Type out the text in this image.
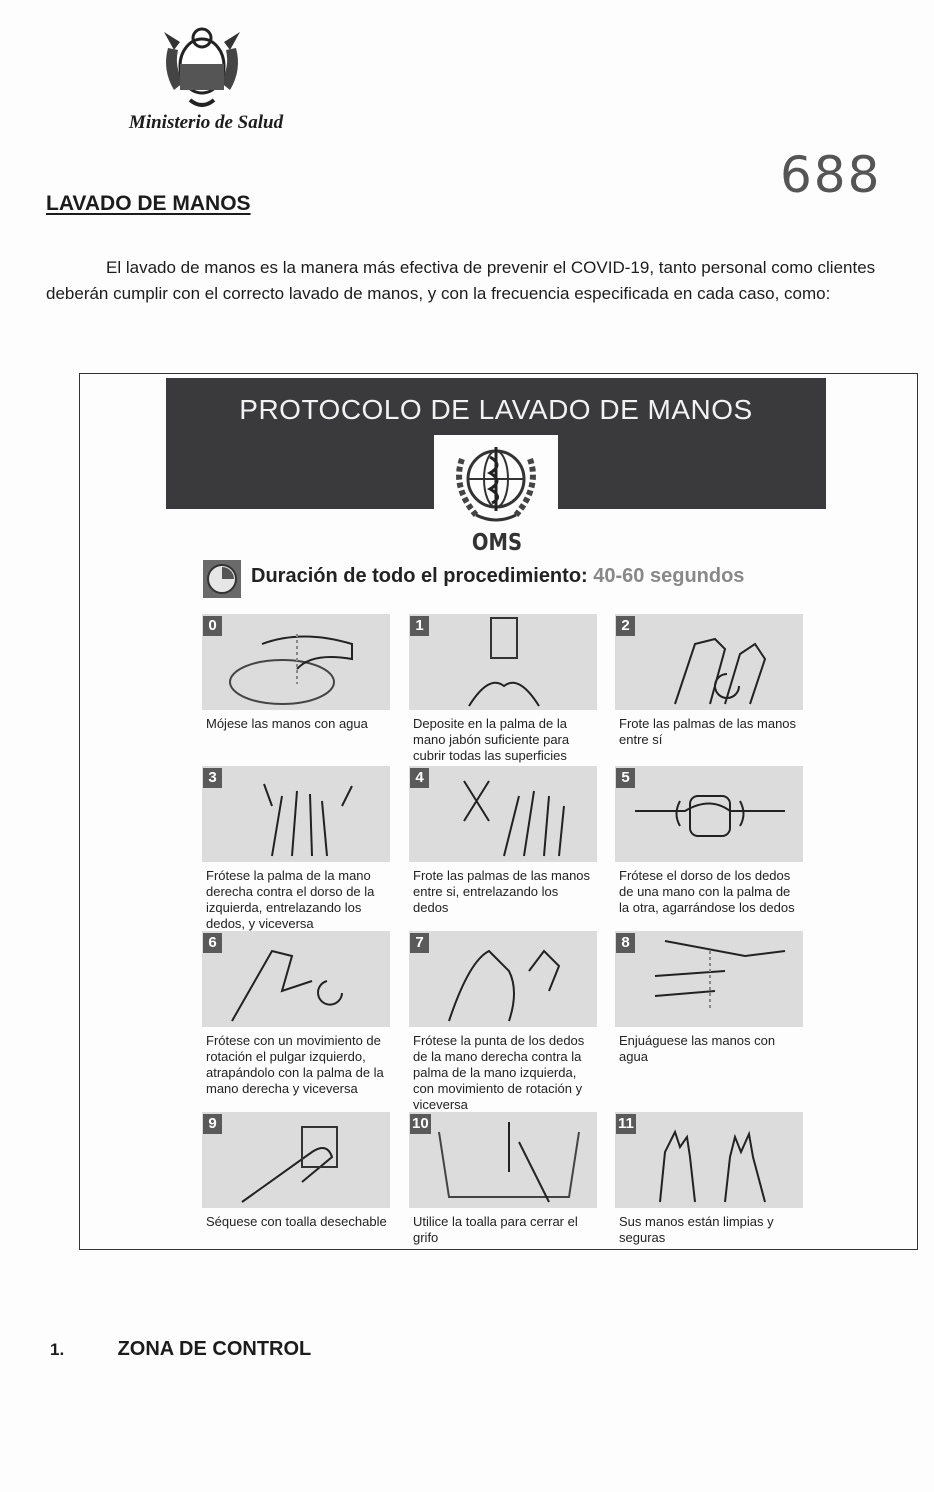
Ministerio de Salud
688
LAVADO DE MANOS

El lavado de manos es la manera más efectiva de prevenir el COVID-19, tanto personal como clientes deberán cumplir con el correcto lavado de manos, y con la frecuencia especificada en cada caso, como:

PROTOCOLO DE LAVADO DE MANOS
OMS
Duración de todo el procedimiento: 40-60 segundos
0
Mójese las manos con agua
1
Deposite en la palma de la mano jabón suficiente para cubrir todas las superficies
2
Frote las palmas de las manos entre sí
3
Frótese la palma de la mano derecha contra el dorso de la izquierda, entrelazando los dedos, y viceversa
4
Frote las palmas de las manos entre si, entrelazando los dedos
5
Frótese el dorso de los dedos de una mano con la palma de la otra, agarrándose los dedos
6
Frótese con un movimiento de rotación el pulgar izquierdo, atrapándolo con la palma de la mano derecha y viceversa
7
Frótese la punta de los dedos de la mano derecha contra la palma de la mano izquierda, con movimiento de rotación y viceversa
8
Enjuáguese las manos con agua
9
Séquese con toalla desechable
10
Utilice la toalla para cerrar el grifo
11
Sus manos están limpias y seguras
1.	ZONA DE CONTROL
